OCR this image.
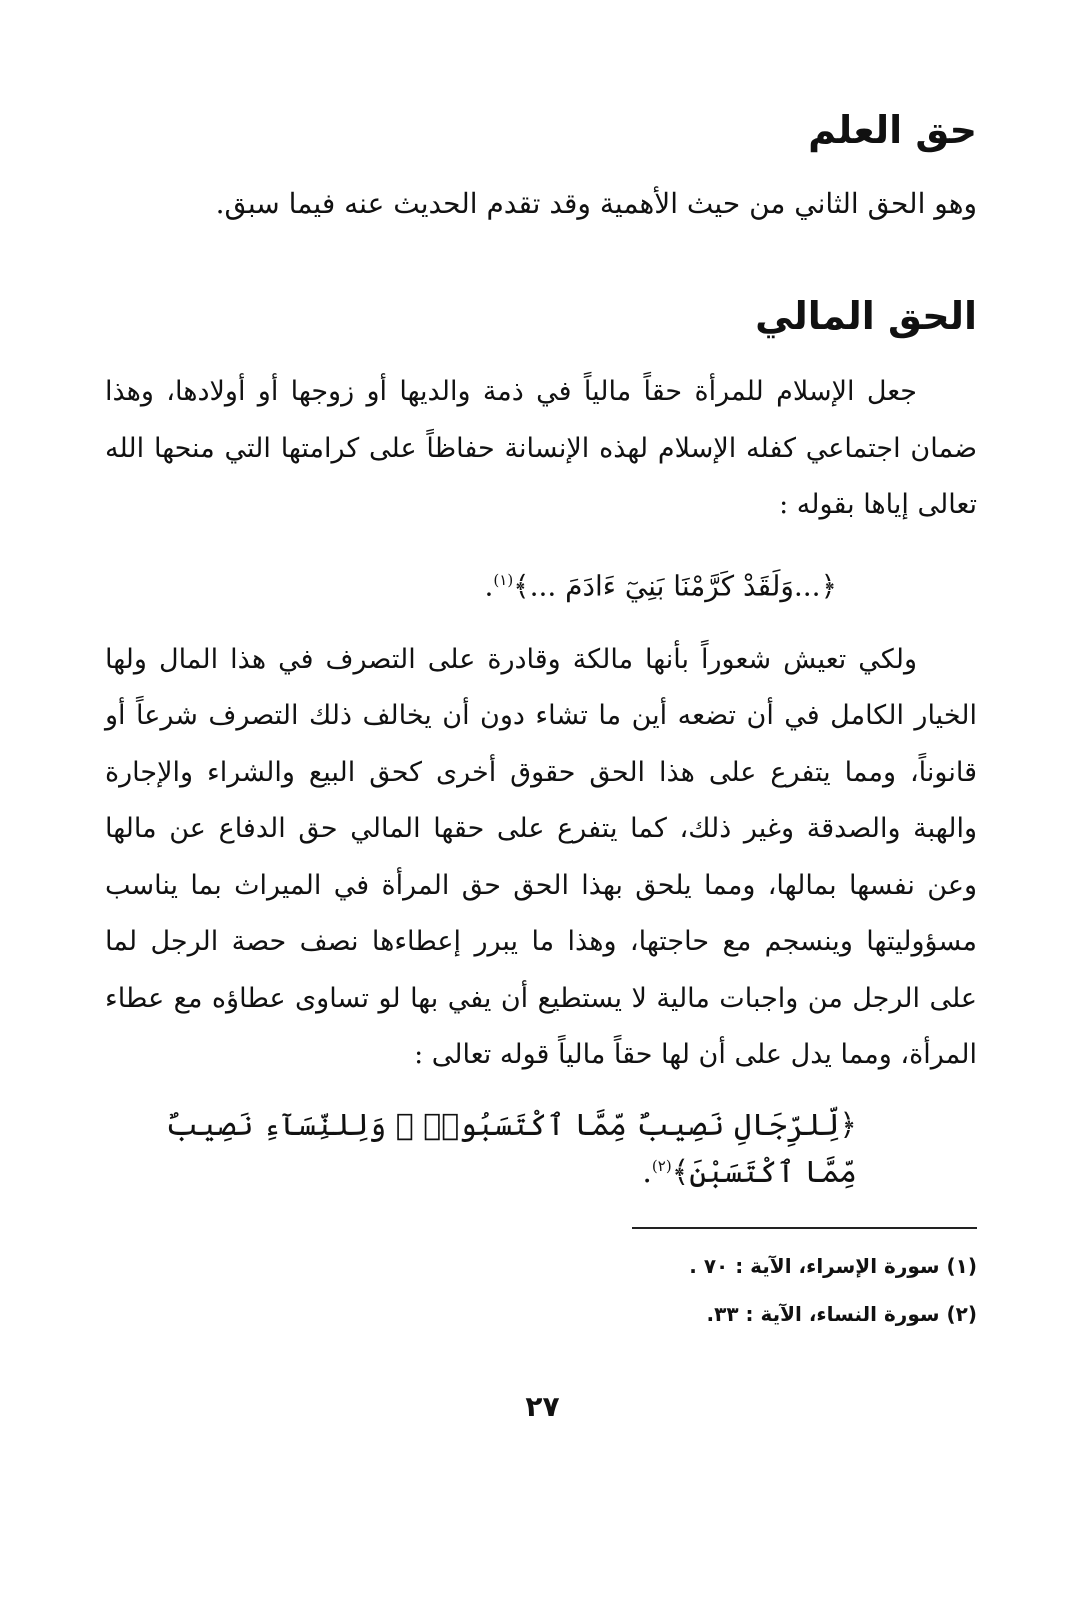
حق العلم

وهو الحق الثاني من حيث الأهمية وقد تقدم الحديث عنه فيما سبق.

الحق المالي

جعل الإسلام للمرأة حقاً مالياً في ذمة والديها أو زوجها أو أولادها، وهذا ضمان اجتماعي كفله الإسلام لهذه الإنسانة حفاظاً على كرامتها التي منحها الله تعالى إياها بقوله :

﴿...وَلَقَدْ كَرَّمْنَا بَنِيٓ ءَادَمَ ...﴾$^{(١)}$.

ولكي تعيش شعوراً بأنها مالكة وقادرة على التصرف في هذا المال ولها الخيار الكامل في أن تضعه أين ما تشاء دون أن يخالف ذلك التصرف شرعاً أو قانوناً، ومما يتفرع على هذا الحق حقوق أخرى كحق البيع والشراء والإجارة والهبة والصدقة وغير ذلك، كما يتفرع على حقها المالي حق الدفاع عن مالها وعن نفسها بمالها، ومما يلحق بهذا الحق حق المرأة في الميراث بما يناسب مسؤوليتها وينسجم مع حاجتها، وهذا ما يبرر إعطاءها نصف حصة الرجل لما على الرجل من واجبات مالية لا يستطيع أن يفي بها لو تساوى عطاؤه مع عطاء المرأة، ومما يدل على أن لها حقاً مالياً قوله تعالى :

﴿لِّلرِّجَالِ نَصِيبٌ مِّمَّا ٱكْتَسَبُوا۟ ۖ وَلِلنِّسَآءِ نَصِيبٌ مِّمَّا ٱكْتَسَبْنَ﴾$^{(٢)}$.

(١) سورة الإسراء، الآية : ٧٠ .

(٢) سورة النساء، الآية : ٣٣.

٢٧
